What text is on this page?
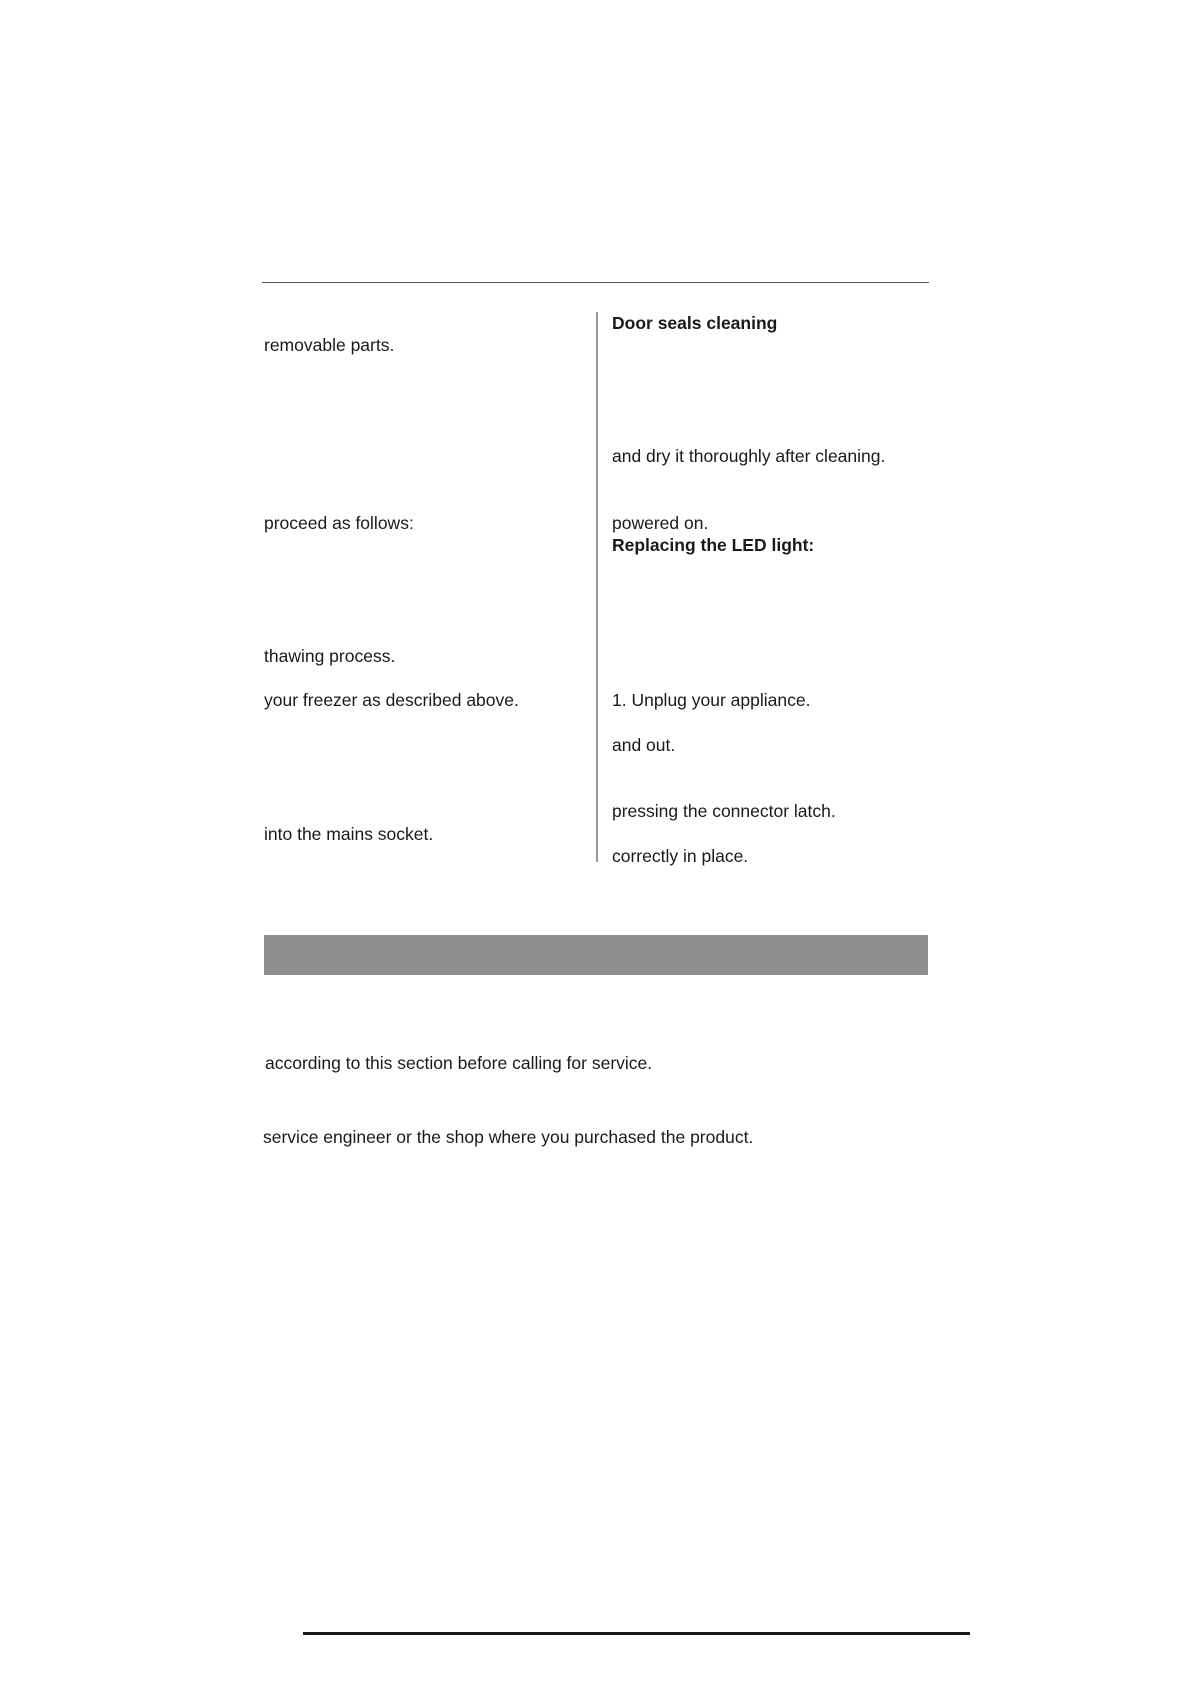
removable parts.
proceed as follows:
thawing process.
your freezer as described above.
into the mains socket.
Door seals cleaning
and dry it thoroughly after cleaning.
powered on.
Replacing the LED light:
1. Unplug your appliance.
and out.
pressing the connector latch.
correctly in place.
according to this section before calling for service.
service engineer or the shop where you purchased the product.
